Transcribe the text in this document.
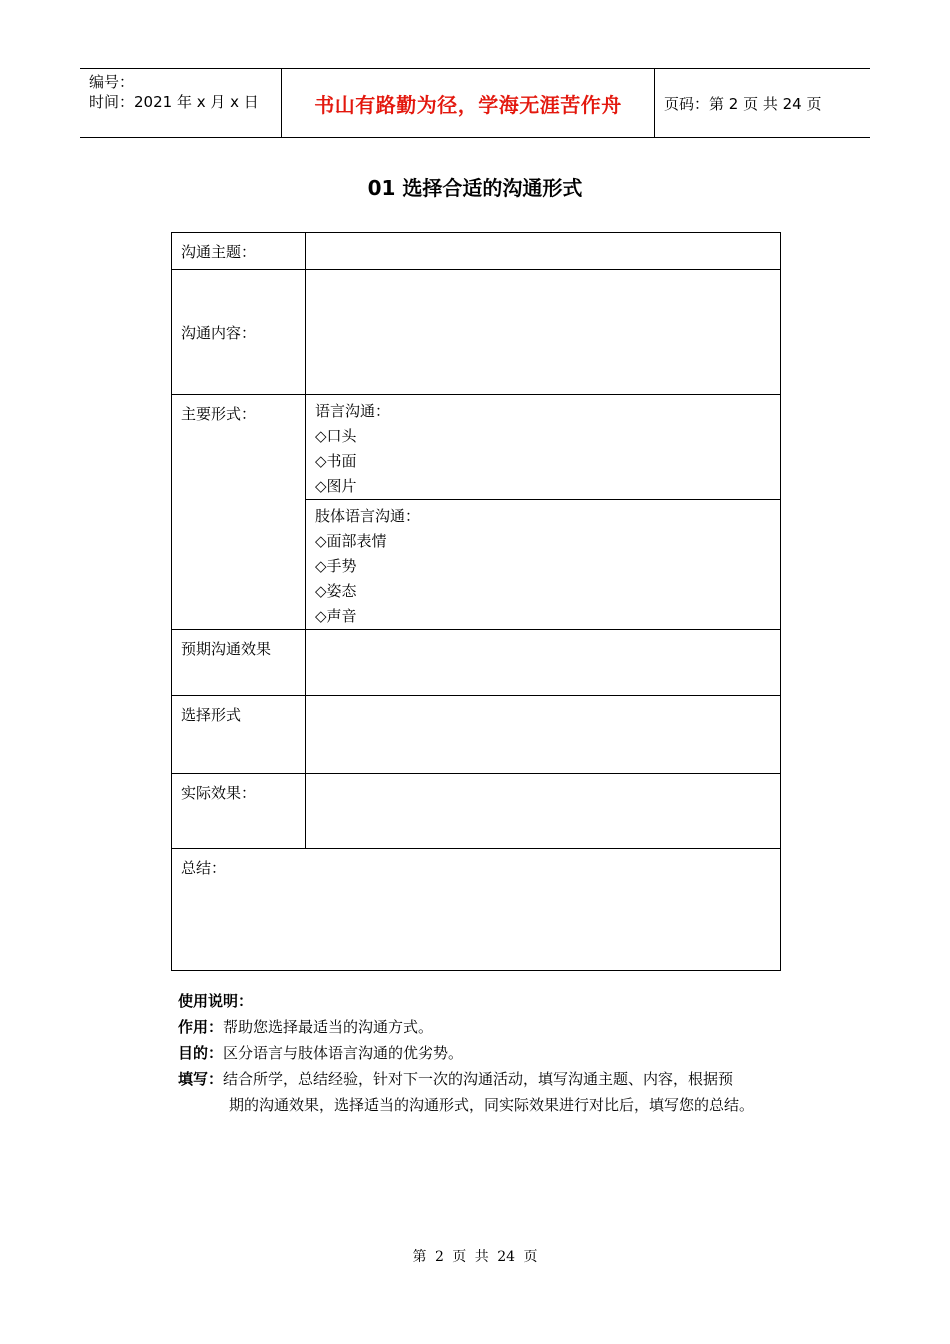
编号：
时间：2021 年 x 月 x 日	书山有路勤为径，学海无涯苦作舟	页码：第 2 页 共 24 页
01 选择合适的沟通形式
沟通主题：	
沟通内容：	
主要形式：	语言沟通：
◇口头
◇书面
◇图片

	肢体语言沟通：
◇面部表情
◇手势
◇姿态
◇声音

预期沟通效果	
选择形式	
实际效果：	
总结：	
使用说明：
作用：帮助您选择最适当的沟通方式。
目的：区分语言与肢体语言沟通的优劣势。
填写：结合所学，总结经验，针对下一次的沟通活动，填写沟通主题、内容，根据预
期的沟通效果，选择适当的沟通形式，同实际效果进行对比后，填写您的总结。
第 2 页 共 24 页
